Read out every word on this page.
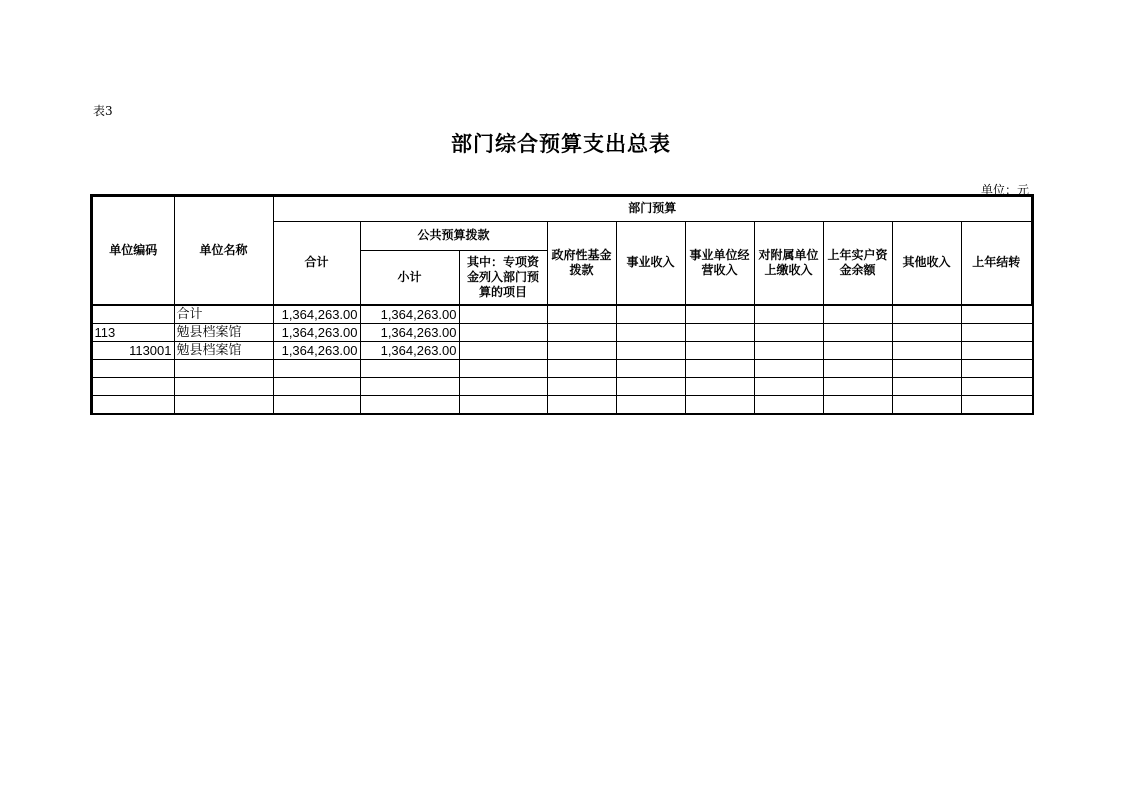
表3
部门综合预算支出总表
单位：元
单位编码	单位名称	部门预算									
		合计	公共预算拨款		政府性基金拨款	事业收入	事业单位经营收入	对附属单位上缴收入	上年实户资金余额	其他收入	上年结转
			小计	其中：专项资金列入部门预算的项目							
	合计	1,364,263.00	1,364,263.00								
113	勉县档案馆	1,364,263.00	1,364,263.00								
113001	勉县档案馆	1,364,263.00	1,364,263.00								
